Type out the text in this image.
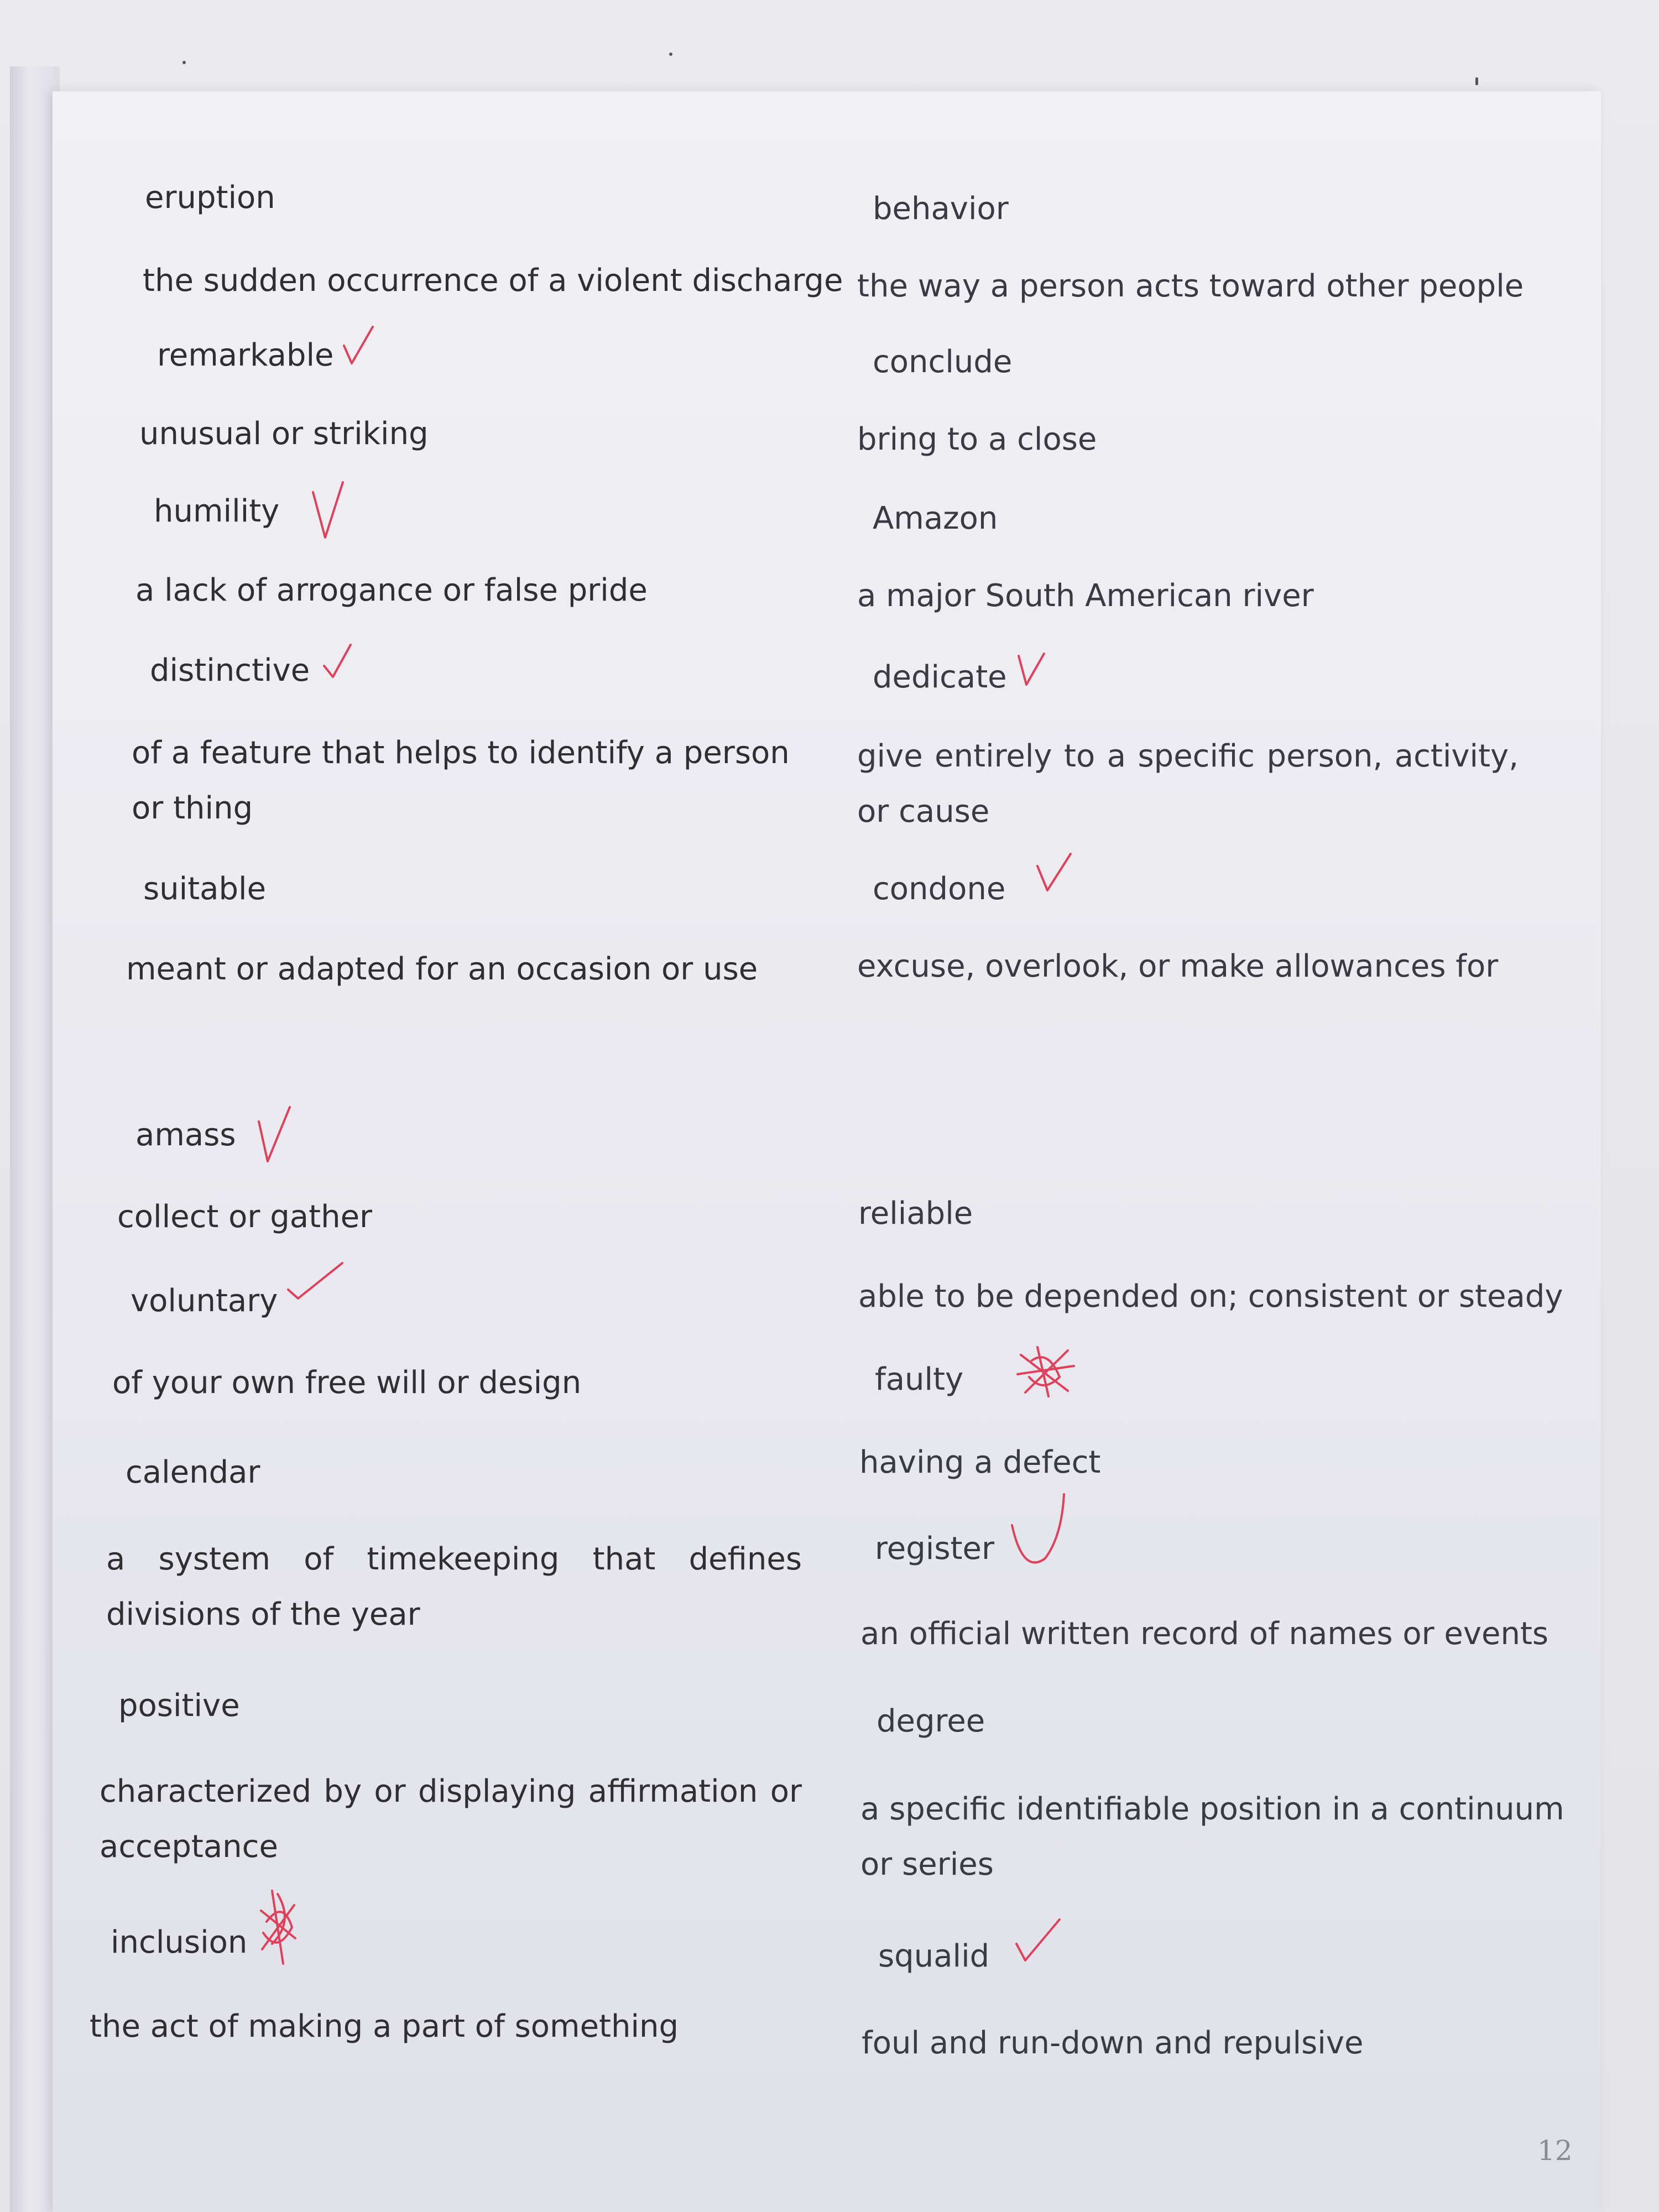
eruption
the sudden occurrence of a violent discharge
remarkable
unusual or striking
humility
a lack of arrogance or false pride
distinctive
of a feature that helps to identify a person or thing
suitable
meant or adapted for an occasion or use
amass
collect or gather
voluntary
of your own free will or design
calendar
a system of timekeeping that defines divisions of the year
positive
characterized by or displaying affirmation or acceptance
inclusion
the act of making a part of something
behavior
the way a person acts toward other people
conclude
bring to a close
Amazon
a major South American river
dedicate
give entirely to a specific person, activity, or cause
condone
excuse, overlook, or make allowances for
reliable
able to be depended on; consistent or steady
faulty
having a defect
register
an official written record of names or events
degree
a specific identifiable position in a continuum or series
squalid
foul and run-down and repulsive
12
